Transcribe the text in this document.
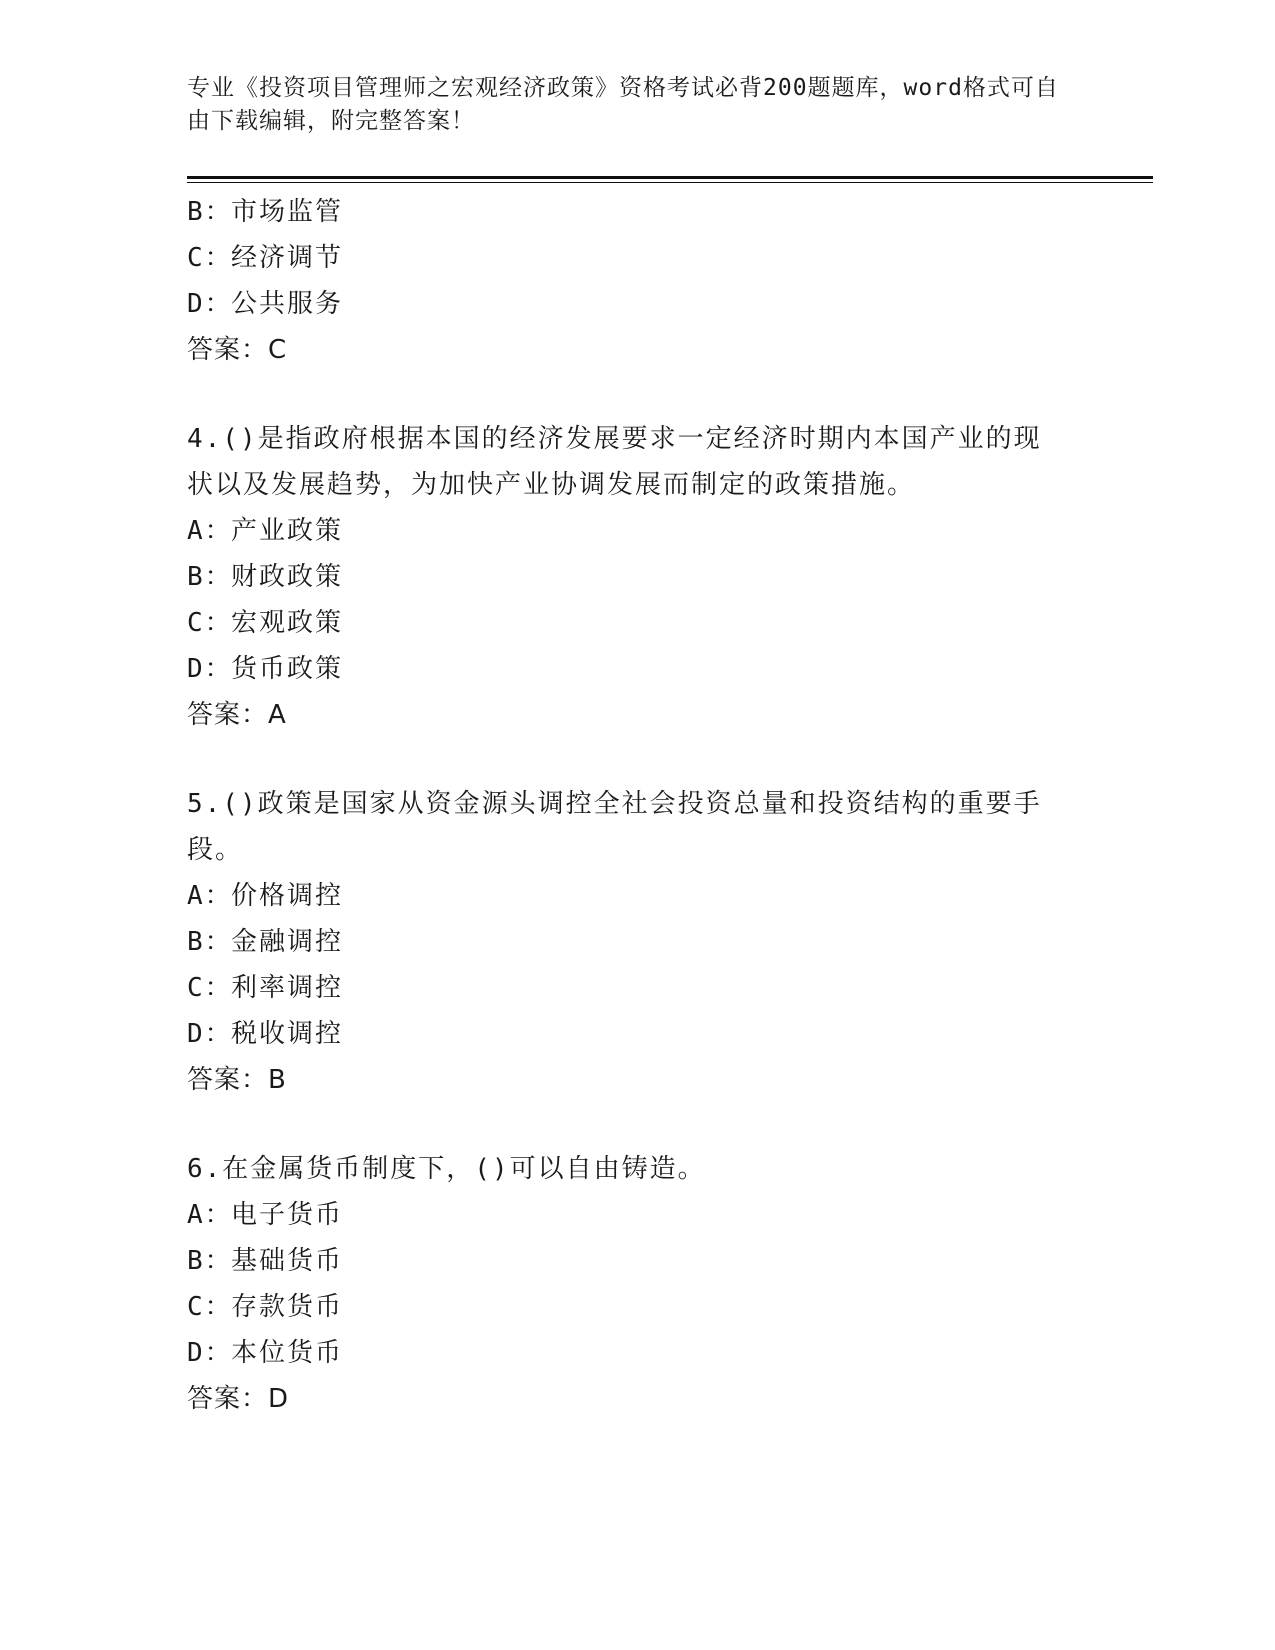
专业《投资项目管理师之宏观经济政策》资格考试必背200题题库，word格式可自由下载编辑，附完整答案！
B：市场监管
C：经济调节
D：公共服务
答案：C
4.()是指政府根据本国的经济发展要求一定经济时期内本国产业的现状以及发展趋势，为加快产业协调发展而制定的政策措施。
A：产业政策
B：财政政策
C：宏观政策
D：货币政策
答案：A
5.()政策是国家从资金源头调控全社会投资总量和投资结构的重要手段。
A：价格调控
B：金融调控
C：利率调控
D：税收调控
答案：B
6.在金属货币制度下，()可以自由铸造。
A：电子货币
B：基础货币
C：存款货币
D：本位货币
答案：D
